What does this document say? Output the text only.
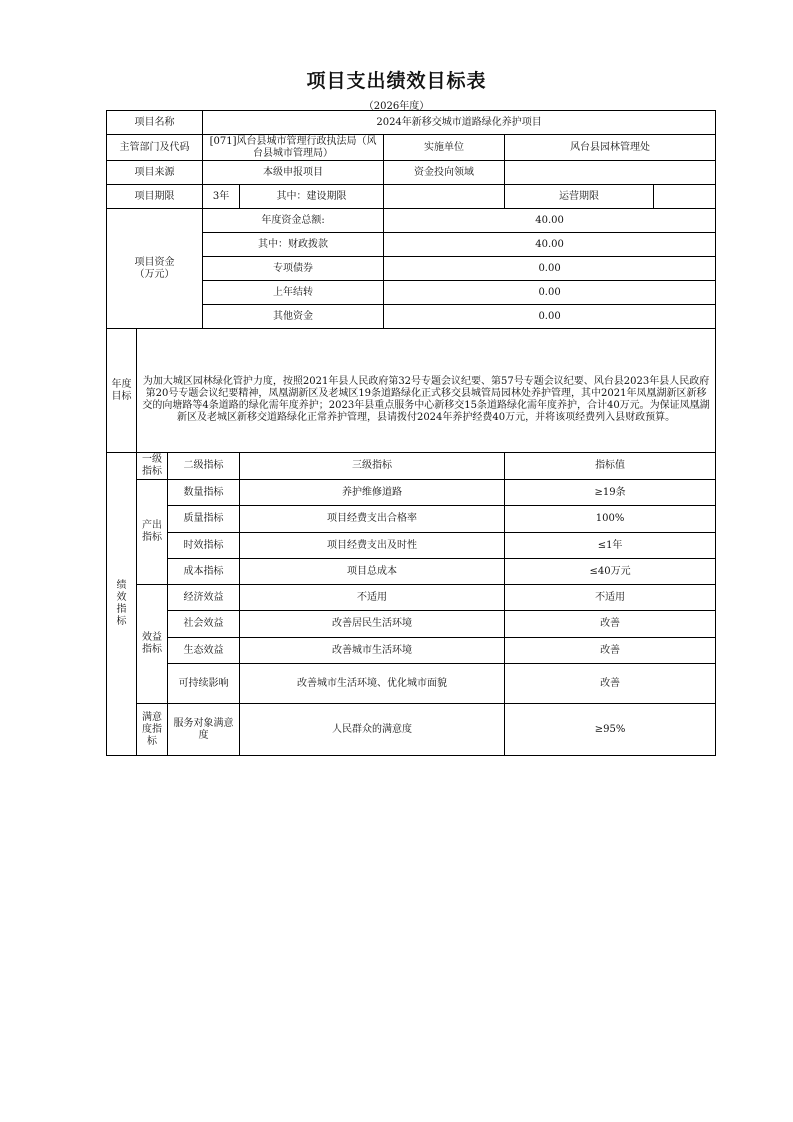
项目支出绩效目标表
（2026年度）
项目名称			2024年新移交城市道路绿化养护项目				
主管部门及代码			[071]风台县城市管理行政执法局（风台县城市管理局）		实施单位	风台县园林管理处	
项目来源			本级申报项目		资金投向领域		
项目期限			3年	其中：建设期限		运营期限	
项目资金
（万元）			年度资金总额:		40.00		
			其中：财政拨款		40.00		
			专项债券		0.00		
			上年结转		0.00		
			其他资金		0.00		
年度目标	为加大城区园林绿化管护力度，按照2021年县人民政府第32号专题会议纪要、第57号专题会议纪要、风台县2023年县人民政府第20号专题会议纪要精神，凤凰湖新区及老城区19条道路绿化正式移交县城管局园林处养护管理，其中2021年凤凰湖新区新移交的向塘路等4条道路的绿化需年度养护；2023年县重点服务中心新移交15条道路绿化需年度养护，合计40万元。为保证凤凰湖新区及老城区新移交道路绿化正常养护管理，县请拨付2024年养护经费40万元，并将该项经费列入县财政预算。						
绩效指标	一级指标	二级指标		三级指标		指标值	
	产出指标	数量指标		养护维修道路		≥19条	
		质量指标		项目经费支出合格率		100%	
		时效指标		项目经费支出及时性		≤1年	
		成本指标		项目总成本		≤40万元	
	效益指标	经济效益		不适用		不适用	
		社会效益		改善居民生活环境		改善	
		生态效益		改善城市生活环境		改善	
		可持续影响		改善城市生活环境、优化城市面貌		改善	
	满意度指标	服务对象满意度		人民群众的满意度		≥95%	
